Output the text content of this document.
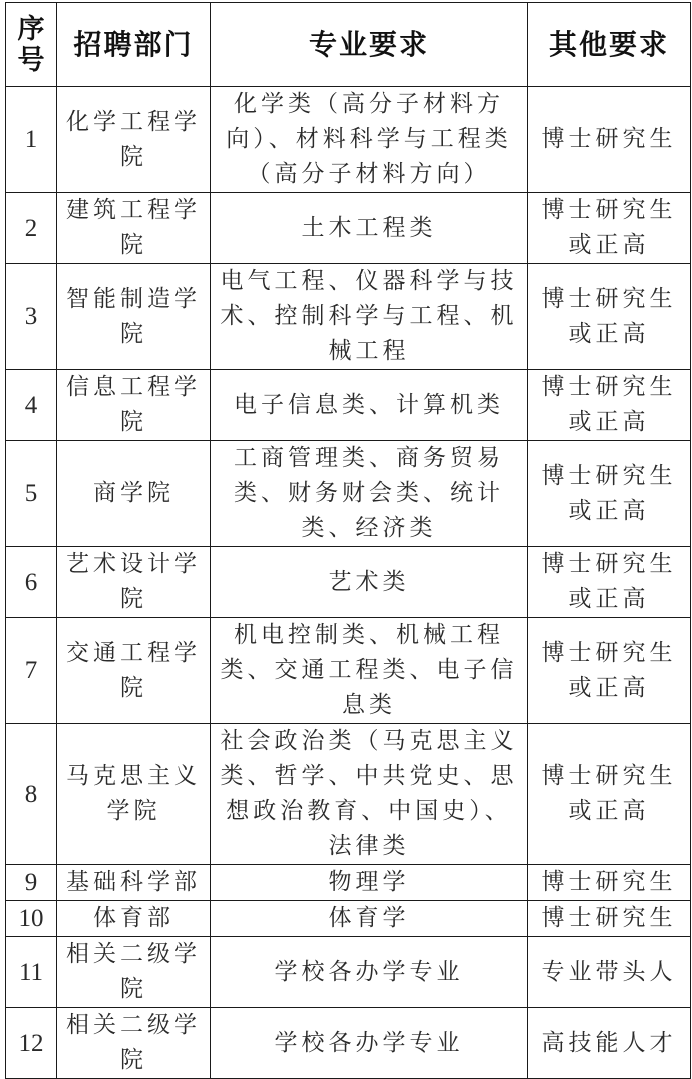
序号	招聘部门	专业要求	其他要求
1	化学工程学院	化学类（高分子材料方向）、材料科学与工程类（高分子材料方向）	博士研究生
2	建筑工程学院	土木工程类	博士研究生或正高
3	智能制造学院	电气工程、仪器科学与技术、控制科学与工程、机械工程	博士研究生或正高
4	信息工程学院	电子信息类、计算机类	博士研究生或正高
5	商学院	工商管理类、商务贸易类、财务财会类、统计类、经济类	博士研究生或正高
6	艺术设计学院	艺术类	博士研究生或正高
7	交通工程学院	机电控制类、机械工程类、交通工程类、电子信息类	博士研究生或正高
8	马克思主义学院	社会政治类（马克思主义类、哲学、中共党史、思想政治教育、中国史）、法律类	博士研究生或正高
9	基础科学部	物理学	博士研究生
10	体育部	体育学	博士研究生
11	相关二级学院	学校各办学专业	专业带头人
12	相关二级学院	学校各办学专业	高技能人才
